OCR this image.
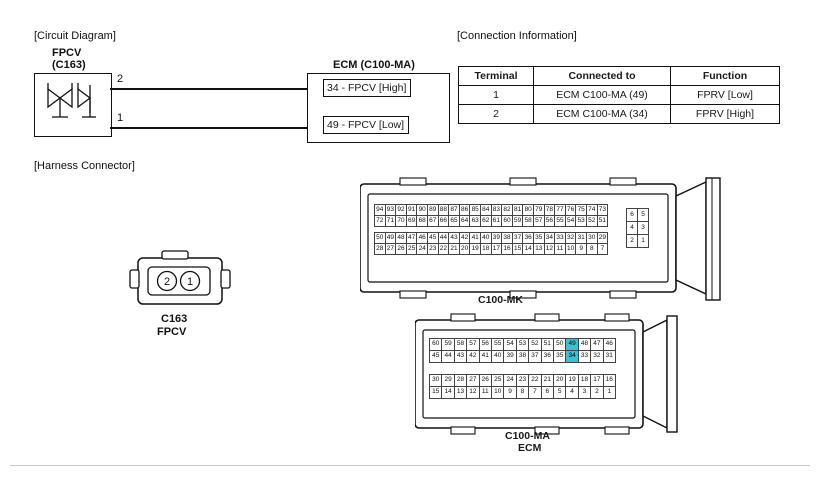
[Circuit Diagram]
FPCV
(C163)
2
1
ECM (C100-MA)
34 - FPCV [High]
49 - FPCV [Low]
[Connection Information]
Terminal	Connected to	Function
1	ECM C100-MA (49)	FPRV [Low]
2	ECM C100-MA (34)	FPRV [High]
[Harness Connector]
2 1
C163
FPCV
94 93 92 91 90 89 88 87 86 85 84 83 82 81 80 79 78 77 76 75 74 73
72 71 70 69 68 67 66 65 64 63 62 61 60 59 58 57 56 55 54 53 52 51
50 49 48 47 46 45 44 43 42 41 40 39 38 37 36 35 34 33 32 31 30 29
28 27 26 25 24 23 22 21 20 19 18 17 16 15 14 13 12 11 10 9	8	7
6	5
4	3
2	1
C100-MK
60 59 58 57 56 55 54 53 52 51 50 49 48 47 46
45 44 43 42 41 40 39 38 37 36 35 34 33 32 31
30 29 28 27 26 25 24 23 22 21 20 19 18 17 16
15 14 13 12 11 10	9	8	7	6	5	4	3	2	1
C100-MA
ECM
